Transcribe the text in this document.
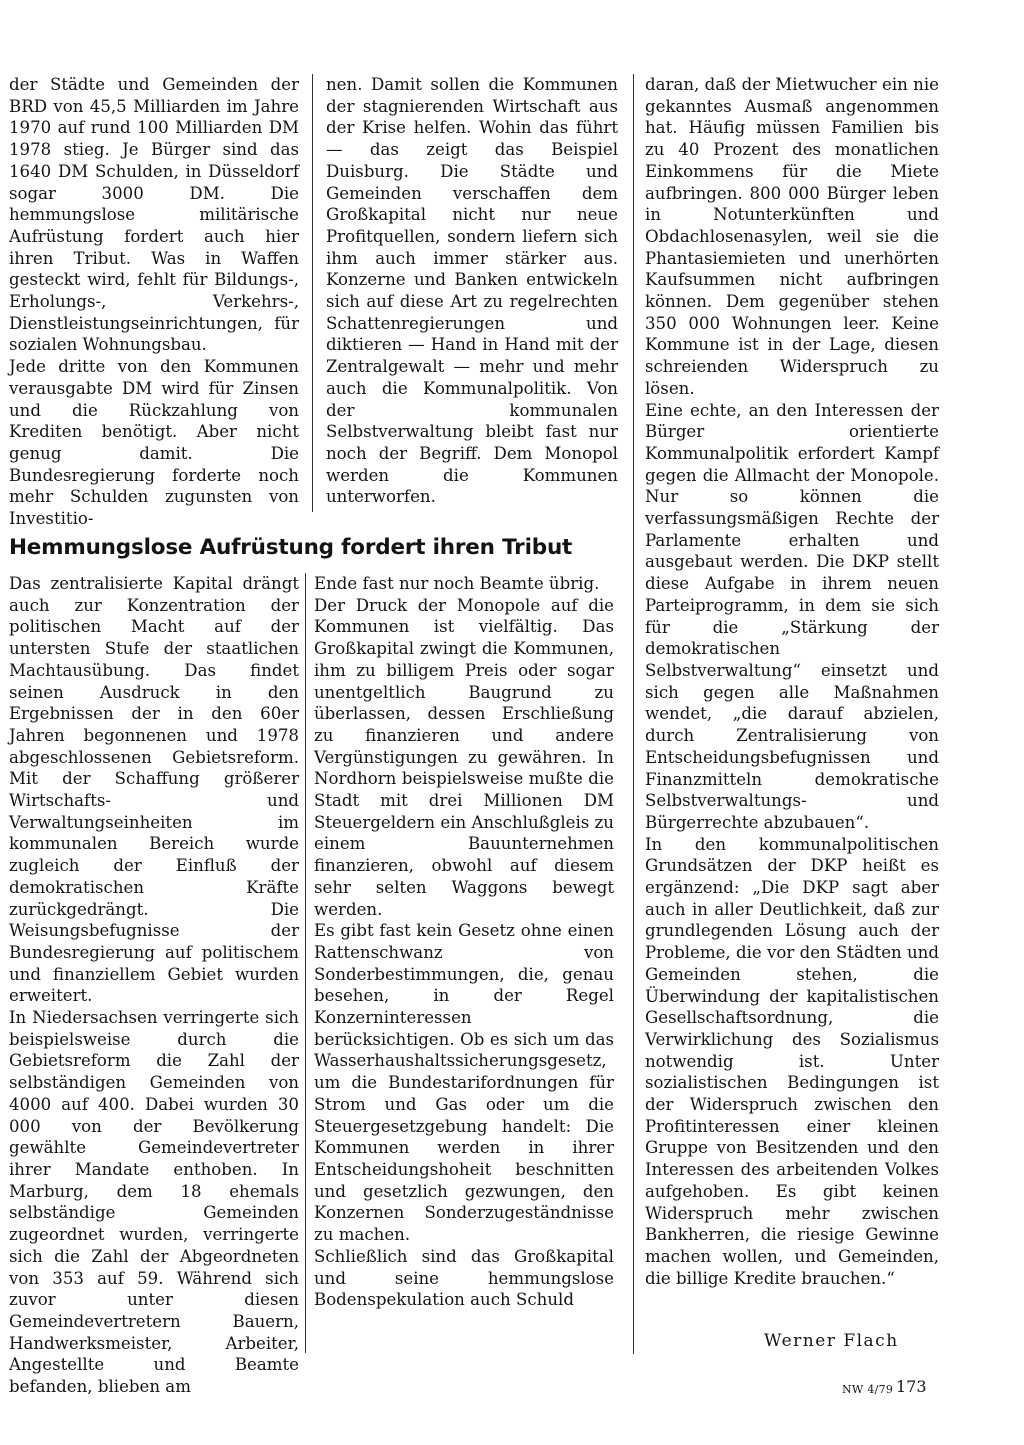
der Städte und Gemeinden der BRD von 45,5 Milliarden im Jahre 1970 auf rund 100 Milliarden DM 1978 stieg. Je Bürger sind das 1640 DM Schulden, in Düsseldorf sogar 3000 DM. Die hemmungslose militärische Aufrüstung fordert auch hier ihren Tribut. Was in Waffen gesteckt wird, fehlt für Bildungs-, Erholungs-, Verkehrs-, Dienstleistungseinrichtungen, für sozialen Wohnungsbau.

Jede dritte von den Kommunen verausgabte DM wird für Zinsen und die Rückzahlung von Krediten benötigt. Aber nicht genug damit. Die Bundesregierung forderte noch mehr Schulden zugunsten von Investitio-

nen. Damit sollen die Kommunen der stagnierenden Wirtschaft aus der Krise helfen. Wohin das führt — das zeigt das Beispiel Duisburg. Die Städte und Gemeinden verschaffen dem Großkapital nicht nur neue Profitquellen, sondern liefern sich ihm auch immer stärker aus. Konzerne und Banken entwickeln sich auf diese Art zu regelrechten Schattenregierungen und diktieren — Hand in Hand mit der Zentralgewalt — mehr und mehr auch die Kommunalpolitik. Von der kommunalen Selbstverwaltung bleibt fast nur noch der Begriff. Dem Monopol werden die Kommunen unterworfen.

daran, daß der Mietwucher ein nie gekanntes Ausmaß angenommen hat. Häufig müssen Familien bis zu 40 Prozent des monatlichen Einkommens für die Miete aufbringen. 800 000 Bürger leben in Notunterkünften und Obdachlosenasylen, weil sie die Phantasiemieten und unerhörten Kaufsummen nicht aufbringen können. Dem gegenüber stehen 350 000 Wohnungen leer. Keine Kommune ist in der Lage, diesen schreienden Widerspruch zu lösen.

Eine echte, an den Interessen der Bürger orientierte Kommunalpolitik erfordert Kampf gegen die Allmacht der Monopole. Nur so können die verfassungsmäßigen Rechte der Parlamente erhalten und ausgebaut werden. Die DKP stellt diese Aufgabe in ihrem neuen Parteiprogramm, in dem sie sich für die „Stärkung der demokratischen Selbstverwaltung“ einsetzt und sich gegen alle Maßnahmen wendet, „die darauf abzielen, durch Zentralisierung von Entscheidungsbefugnissen und Finanzmitteln demokratische Selbstverwaltungs- und Bürgerrechte abzubauen“.

In den kommunalpolitischen Grundsätzen der DKP heißt es ergänzend: „Die DKP sagt aber auch in aller Deutlichkeit, daß zur grundlegenden Lösung auch der Probleme, die vor den Städten und Gemeinden stehen, die Überwindung der kapitalistischen Gesellschaftsordnung, die Verwirklichung des Sozialismus notwendig ist. Unter sozialistischen Bedingungen ist der Widerspruch zwischen den Profitinteressen einer kleinen Gruppe von Besitzenden und den Interessen des arbeitenden Volkes aufgehoben. Es gibt keinen Widerspruch mehr zwischen Bankherren, die riesige Gewinne machen wollen, und Gemeinden, die billige Kredite brauchen.“

Hemmungslose Aufrüstung fordert ihren Tribut

Das zentralisierte Kapital drängt auch zur Konzentration der politischen Macht auf der untersten Stufe der staatlichen Machtausübung. Das findet seinen Ausdruck in den Ergebnissen der in den 60er Jahren begonnenen und 1978 abgeschlossenen Gebietsreform. Mit der Schaffung größerer Wirtschafts- und Verwaltungseinheiten im kommunalen Bereich wurde zugleich der Einfluß der demokratischen Kräfte zurückgedrängt. Die Weisungsbefugnisse der Bundesregierung auf politischem und finanziellem Gebiet wurden erweitert.

In Niedersachsen verringerte sich beispielsweise durch die Gebietsreform die Zahl der selbständigen Gemeinden von 4000 auf 400. Dabei wurden 30 000 von der Bevölkerung gewählte Gemeindevertreter ihrer Mandate enthoben. In Marburg, dem 18 ehemals selbständige Gemeinden zugeordnet wurden, verringerte sich die Zahl der Abgeordneten von 353 auf 59. Während sich zuvor unter diesen Gemeindevertretern Bauern, Handwerksmeister, Arbeiter, Angestellte und Beamte befanden, blieben am

Ende fast nur noch Beamte übrig.

Der Druck der Monopole auf die Kommunen ist vielfältig. Das Großkapital zwingt die Kommunen, ihm zu billigem Preis oder sogar unentgeltlich Baugrund zu überlassen, dessen Erschließung zu finanzieren und andere Vergünstigungen zu gewähren. In Nordhorn beispielsweise mußte die Stadt mit drei Millionen DM Steuergeldern ein Anschlußgleis zu einem Bauunternehmen finanzieren, obwohl auf diesem sehr selten Waggons bewegt werden.

Es gibt fast kein Gesetz ohne einen Rattenschwanz von Sonderbestimmungen, die, genau besehen, in der Regel Konzerninteressen berücksichtigen. Ob es sich um das Wasserhaushaltssicherungsgesetz, um die Bundestarifordnungen für Strom und Gas oder um die Steuergesetzgebung handelt: Die Kommunen werden in ihrer Entscheidungshoheit beschnitten und gesetzlich gezwungen, den Konzernen Sonderzugeständnisse zu machen.

Schließlich sind das Großkapital und seine hemmungslose Bodenspekulation auch Schuld

Werner Flach
NW 4/79 173
